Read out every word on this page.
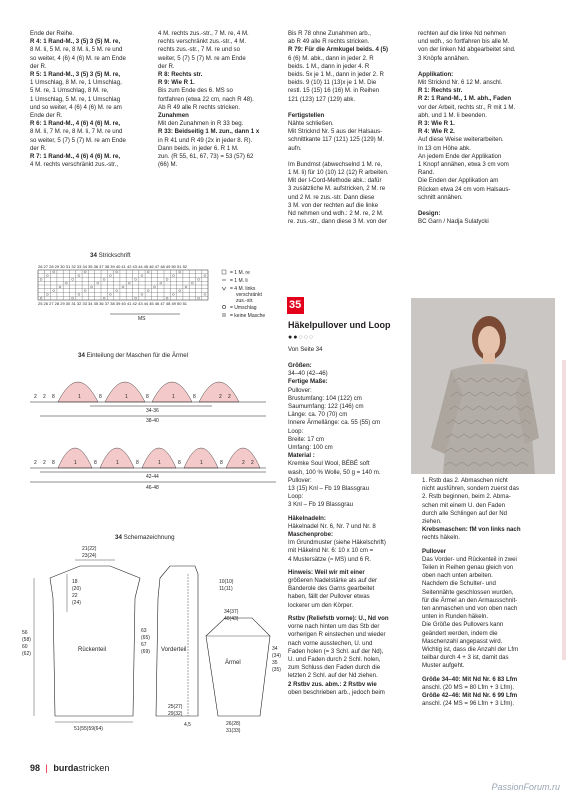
Ende der Reihe.
R 4: 1 Rand-M., 3 (5) 3 (5) M. re,
8 M. li, 5 M. re, 8 M. li, 5 M. re und
so weiter, 4 (6) 4 (6) M. re am Ende
der R.
R 5: 1 Rand-M., 3 (5) 3 (5) M. re,
1 Umschlag, 8 M. re, 1 Umschlag,
5 M. re, 1 Umschlag, 8 M. re,
1 Umschlag, 5 M. re, 1 Umschlag
und so weiter, 4 (6) 4 (6) M. re am
Ende der R.
R 6: 1 Rand-M., 4 (6) 4 (6) M. re,
8 M. li, 7 M. re, 8 M. li, 7 M. re und
so weiter, 5 (7) 5 (7) M. re am Ende
der R.
R 7: 1 Rand-M., 4 (6) 4 (6) M. re,
4 M. rechts verschränkt zus.-str.,
4 M. rechts zus.-str., 7 M. re, 4 M.
rechts verschränkt zus.-str., 4 M.
rechts zus.-str., 7 M. re und so
weiter, 5 (7) 5 (7) M. re am Ende
der R.
R 8: Rechts str.
R 9: Wie R 1.
Bis zum Ende des 6. MS so
fortfahren (etwa 22 cm, nach R 48).
Ab R 49 alle R rechts stricken.
Zunahmen
Mit den Zunahmen in R 33 beg.
R 33: Beidseitig 1 M. zun., dann 1 x
in R 41 und R 49 (2x in jeder 8. R).
Dann beids. in jeder 6. R 1 M.
zun. (R 55, 61, 67, 73) = 53 (57) 62
(66) M.
Bis R 78 ohne Zunahmen arb.,
ab R 49 alle R rechts stricken.
R 79: Für die Armkugel beids. 4 (5)
6 (6) M. abk., dann in jeder 2. R
beids. 1 M., dann in jeder 4. R
beids. 5x je 1 M., dann in jeder 2. R
beids. 9 (10) 11 (13)x je 1 M. Die
restl. 15 (15) 16 (16) M. in Reihen
121 (123) 127 (129) abk.
Fertigstellen
Nähte schließen.
Mit Stricknd Nr. 5 aus der Halsaus-
schnittkante 117 (121) 125 (129) M.
aufn.
Im Bundmst (abwechselnd 1 M. re,
1 M. li) für 10 (10) 12 (12) R arbeiten.
Mit der I-Cord-Methode abk.: dafür
3 zusätzliche M. aufstricken, 2 M. re
und 2 M. re zus.-str. Dann diese
3 M. von der rechten auf die linke
Nd nehmen und wdh.: 2 M. re, 2 M.
re. zus.-str., dann diese 3 M. von der
rechten auf die linke Nd nehmen
und wdh., so fortfahren bis alle M.
von der linken Nd abgearbeitet sind.
3 Knöpfe annähen.
Applikation:
Mit Stricknd Nr. 6 12 M. anschl.
R 1: Rechts str.
R 2: 1 Rand-M., 1 M. abh., Faden
vor der Arbeit, rechts str., R mit 1 M.
abh. und 1 M. li beenden.
R 3: Wie R 1.
R 4: Wie R 2.
Auf diese Weise weiterarbeiten.
In 13 cm Höhe abk.
An jedem Ende der Applikation
1 Knopf annähen, etwa 3 cm vom
Rand.
Die Enden der Applikation am
Rücken etwa 24 cm vom Halsaus-
schnitt annähen.
Design:
BC Garn / Nadja Sulatycki
34 Strickschrift
26 27 28 29 30 31 32 33 34 35 36 37 38 39 40 41 42 43 44 45 46 47 48 49 50 51 52
25 26 27 28 29 30 31 32 33 34 35 36 37 38 39 40 41 42 43 44 45 46 47 48 49 50 51
= 1 M. re
= 1 M. li
= 4 M. links
verschränkt
zus.-str.
= Umschlag
= keine Masche
MS
34 Einteilung der Maschen für die Ärmel
2 2 8	1	8	1	8	1	8	2 2
34-36
38-40
2 2 8	1	8	1	8	1	8	1	8	2 2
42-44
46-48
34 Schemazeichnung
Rückenteil
21(22)
23(24)
18
(20)
22
(24)
56
(58)
60
(62)
51(55)59(64)
Vorderteil
63
(65)
67
(69)
25(27)
29(32)
4,5
10(10)
11(11)
Ärmel
34(37)
40(43)
34
(34)
35
(35)
26(28)
31(33)
35
Häkelpullover und Loop
●●○○○
Von Seite 34
Größen:
34–40 (42–46)
Fertige Maße:
Pullover:
Brustumfang: 104 (122) cm
Saumumfang: 122 (146) cm
Länge: ca. 70 (70) cm
Innere Ärmellänge: ca. 55 (55) cm
Loop:
Breite: 17 cm
Umfang: 100 cm
Material :
Kremke Soul Wool, BÉBÉ soft
wash, 100 % Wolle, 50 g = 140 m.
Pullover:
13 (15) Knl – Fb 19 Blassgrau
Loop:
3 Knl – Fb 19 Blassgrau
Häkelnadeln:
Häkelnadel Nr. 6, Nr. 7 und Nr. 8
Maschenprobe:
Im Grundmuster (siehe Häkelschrift)
mit Häkelnd Nr. 6: 10 x 10 cm =
4 Mustersätze (≈ MS) und 6 R.
Hinweis: Weil wir mit einer
größeren Nadelstärke als auf der
Banderole des Garns gearbeitet
haben, fällt der Pullover etwas
lockerer um den Körper.
Rstbv (Reliefstb vorne): U., Nd von
vorne nach hinten um das Stb der
vorherigen R einstechen und wieder
nach vorne ausstechen, U. und
Faden holen (= 3 Schl. auf der Nd),
U. und Faden durch 2 Schl. holen,
zum Schluss den Faden durch die
letzten 2 Schl. auf der Nd ziehen.
2 Rstbv zus. abm.: 2 Rstbv wie
oben beschrieben arb., jedoch beim
1. Rstb das 2. Abmaschen nicht
nicht ausführen, sondern zuerst das
2. Rstb beginnen, beim 2. Abma-
schen mit einem U. den Faden
durch alle Schlingen auf der Nd
ziehen.
Krebsmaschen: fM von links nach
rechts häkeln.
Pullover
Das Vorder- und Rückenteil in zwei
Teilen in Reihen genau gleich von
oben nach unten arbeiten.
Nachdem die Schulter- und
Seitennähte geschlossen wurden,
für die Ärmel an den Armausschnit-
ten anmaschen und von oben nach
unten in Runden häkeln.
Die Größe des Pullovers kann
geändert werden, indem die
Maschenzahl angepasst wird.
Wichtig ist, dass die Anzahl der Lfm
teilbar durch 4 + 3 ist, damit das
Muster aufgeht.
Größe 34–40: Mit Nd Nr. 6 83 Lfm
anschl. (20 MS = 80 Lfm + 3 Lfm).
Größe 42–46: Mit Nd Nr. 6 99 Lfm
anschl. (24 MS = 96 Lfm + 3 Lfm).
98 | burdastricken
PassionForum.ru
